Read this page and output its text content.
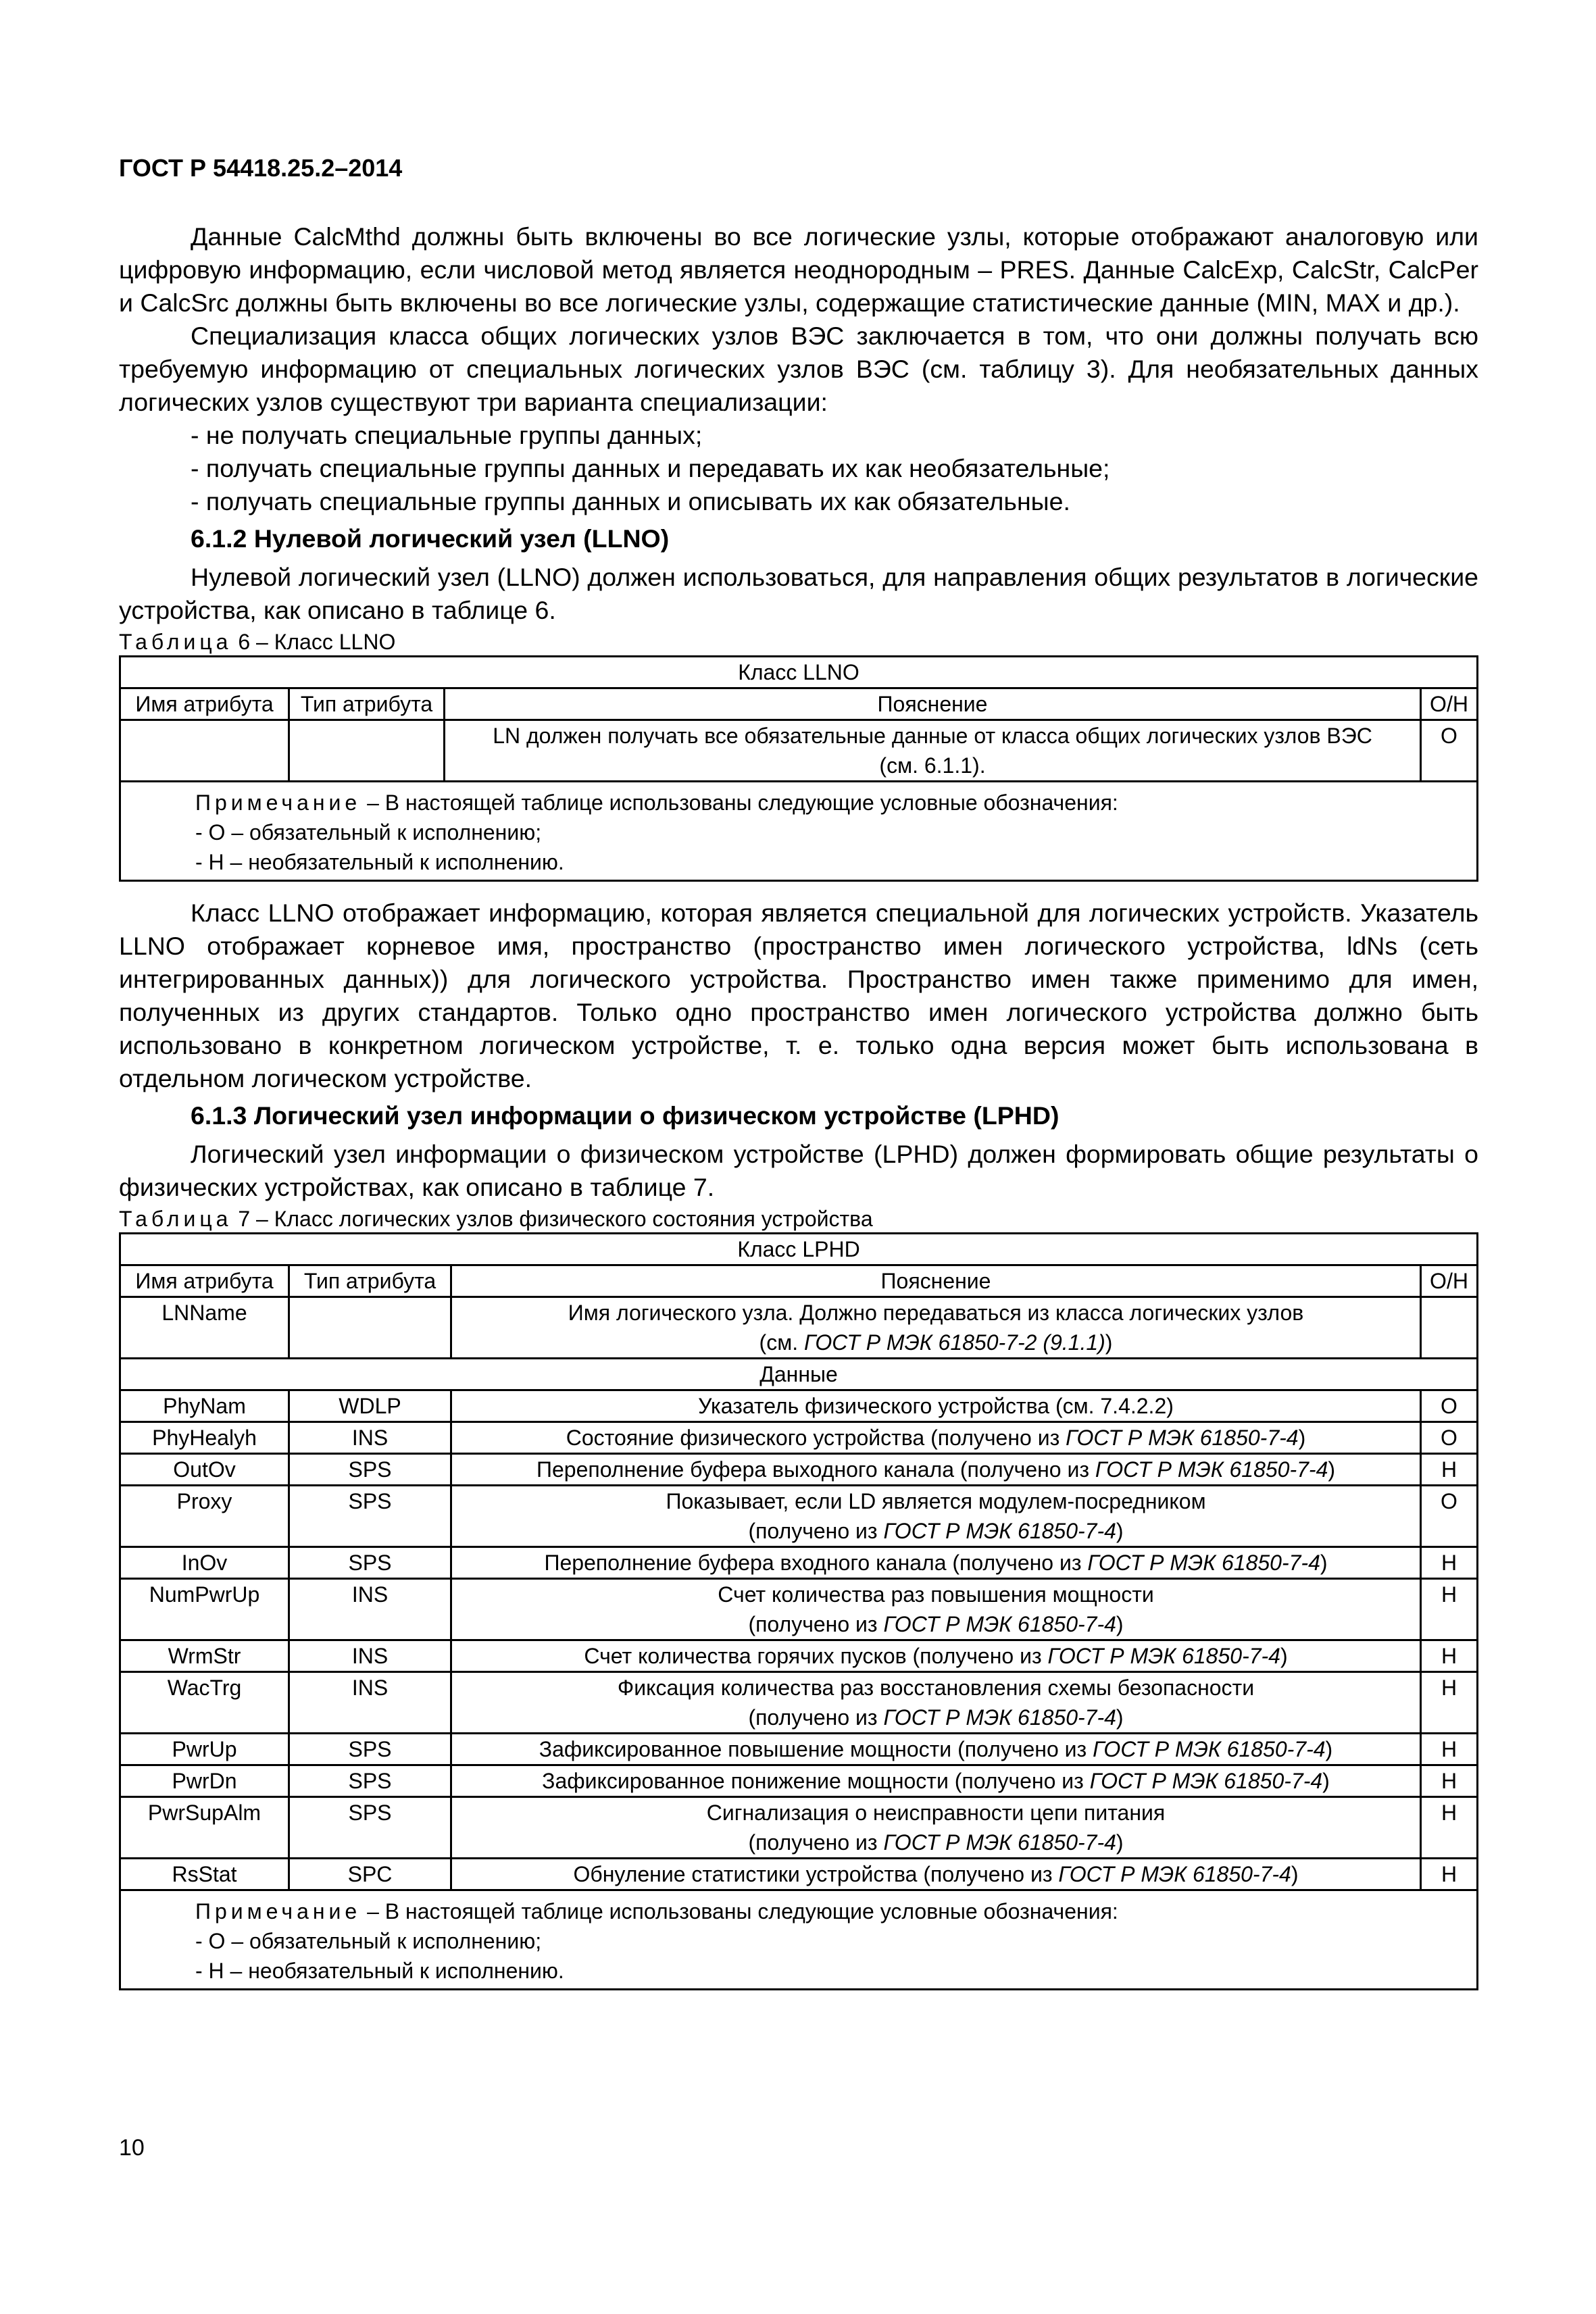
ГОСТ Р 54418.25.2–2014

Данные CalcMthd должны быть включены во все логические узлы, которые отображают аналоговую или цифровую информацию, если числовой метод является неоднородным – PRES. Данные CalcExp, CalcStr, CalcPer и CalcSrc должны быть включены во все логические узлы, содержащие статистические данные (MIN, MAX и др.).

Специализация класса общих логических узлов ВЭС заключается в том, что они должны получать всю требуемую информацию от специальных логических узлов ВЭС (см. таблицу 3). Для необязательных данных логических узлов существуют три варианта специализации:

- не получать специальные группы данных;

- получать специальные группы данных и передавать их как необязательные;

- получать специальные группы данных и описывать их как обязательные.

6.1.2 Нулевой логический узел (LLNO)

Нулевой логический узел (LLNO) должен использоваться, для направления общих результатов в логические устройства, как описано в таблице 6.

Таблица 6 – Класс LLNO
Класс LLNO			
Имя атрибута	Тип атрибута	Пояснение	О/Н
		LN должен получать все обязательные данные от класса общих логических узлов ВЭС (см. 6.1.1).	О
Примечание – В настоящей таблице использованы следующие условные обозначения:
- О – обязательный к исполнению;
- Н – необязательный к исполнению.			

Класс LLNO отображает информацию, которая является специальной для логических устройств. Указатель LLNO отображает корневое имя, пространство (пространство имен логического устройства, ldNs (сеть интегрированных данных)) для логического устройства. Пространство имен также применимо для имен, полученных из других стандартов. Только одно пространство имен логического устройства должно быть использовано в конкретном логическом устройстве, т. е. только одна версия может быть использована в отдельном логическом устройстве.

6.1.3 Логический узел информации о физическом устройстве (LPHD)

Логический узел информации о физическом устройстве (LPHD) должен формировать общие результаты о физических устройствах, как описано в таблице 7.

Таблица 7 – Класс логических узлов физического состояния устройства
Класс LPHD			
Имя атрибута	Тип атрибута	Пояснение	О/Н
LNName		Имя логического узла. Должно передаваться из класса логических узлов
(см. ГОСТ Р МЭК 61850-7-2 (9.1.1))	
Данные			
PhyNam	WDLP	Указатель физического устройства (см. 7.4.2.2)	О
PhyHealyh	INS	Состояние физического устройства (получено из ГОСТ Р МЭК 61850-7-4)	О
OutOv	SPS	Переполнение буфера выходного канала (получено из ГОСТ Р МЭК 61850-7-4)	Н
Proxy	SPS	Показывает, если LD является модулем-посредником
(получено из ГОСТ Р МЭК 61850-7-4)	О
InOv	SPS	Переполнение буфера входного канала (получено из ГОСТ Р МЭК 61850-7-4)	Н
NumPwrUp	INS	Счет количества раз повышения мощности
(получено из ГОСТ Р МЭК 61850-7-4)	Н
WrmStr	INS	Счет количества горячих пусков (получено из ГОСТ Р МЭК 61850-7-4)	Н
WacTrg	INS	Фиксация количества раз восстановления схемы безопасности
(получено из ГОСТ Р МЭК 61850-7-4)	Н
PwrUp	SPS	Зафиксированное повышение мощности (получено из ГОСТ Р МЭК 61850-7-4)	Н
PwrDn	SPS	Зафиксированное понижение мощности (получено из ГОСТ Р МЭК 61850-7-4)	Н
PwrSupAlm	SPS	Сигнализация о неисправности цепи питания
(получено из ГОСТ Р МЭК 61850-7-4)	Н
RsStat	SPC	Обнуление статистики устройства (получено из ГОСТ Р МЭК 61850-7-4)	Н
Примечание – В настоящей таблице использованы следующие условные обозначения:
- О – обязательный к исполнению;
- Н – необязательный к исполнению.			
10
